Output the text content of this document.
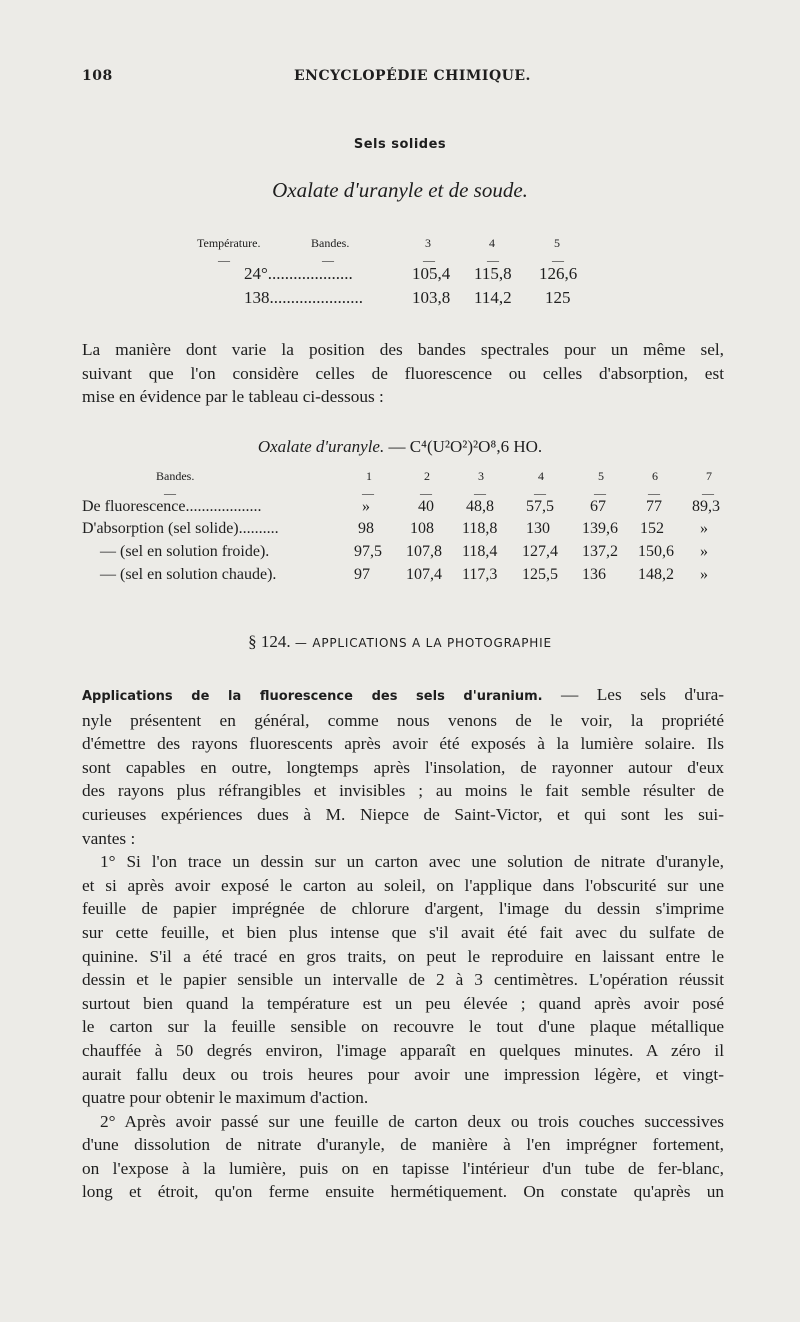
108	ENCYCLOPÉDIE CHIMIQUE.
Sels solides
Oxalate d'uranyle et de soude.
Température.	Bandes.	3	4	5
—	—	—	—	—
24°....................	105,4 115,8 126,6
138......................	103,8 114,2 125
La manière dont varie la position des bandes spectrales pour un même sel,
suivant que l'on considère celles de fluorescence ou celles d'absorption, est
mise en évidence par le tableau ci-dessous :
Oxalate d'uranyle. — C⁴(U²O²)²O⁸,6 HO.
Bandes.	1	2	3	4	5	6	7
—	—	—	—	—	—	—	—
De fluorescence...................	»	40 48,8 57,5 67	77 89,3
D'absorption (sel solide)..........	98 108 118,8 130 139,6 152 »
— (sel en solution froide).	97,5 107,8 118,4 127,4 137,2 150,6 »
— (sel en solution chaude).	97 107,4 117,3 125,5 136 148,2 »
§ 124. — APPLICATIONS A LA PHOTOGRAPHIE
Applications de la fluorescence des sels d'uranium. — Les sels d'ura-
nyle présentent en général, comme nous venons de le voir, la propriété
d'émettre des rayons fluorescents après avoir été exposés à la lumière solaire. Ils
sont capables en outre, longtemps après l'insolation, de rayonner autour d'eux
des rayons plus réfrangibles et invisibles ; au moins le fait semble résulter de
curieuses expériences dues à M. Niepce de Saint-Victor, et qui sont les sui-
vantes :
1° Si l'on trace un dessin sur un carton avec une solution de nitrate d'uranyle,
et si après avoir exposé le carton au soleil, on l'applique dans l'obscurité sur une
feuille de papier imprégnée de chlorure d'argent, l'image du dessin s'imprime
sur cette feuille, et bien plus intense que s'il avait été fait avec du sulfate de
quinine. S'il a été tracé en gros traits, on peut le reproduire en laissant entre le
dessin et le papier sensible un intervalle de 2 à 3 centimètres. L'opération réussit
surtout bien quand la température est un peu élevée ; quand après avoir posé
le carton sur la feuille sensible on recouvre le tout d'une plaque métallique
chauffée à 50 degrés environ, l'image apparaît en quelques minutes. A zéro il
aurait fallu deux ou trois heures pour avoir une impression légère, et vingt-
quatre pour obtenir le maximum d'action.
2° Après avoir passé sur une feuille de carton deux ou trois couches successives
d'une dissolution de nitrate d'uranyle, de manière à l'en imprégner fortement,
on l'expose à la lumière, puis on en tapisse l'intérieur d'un tube de fer-blanc,
long et étroit, qu'on ferme ensuite hermétiquement. On constate qu'après un
